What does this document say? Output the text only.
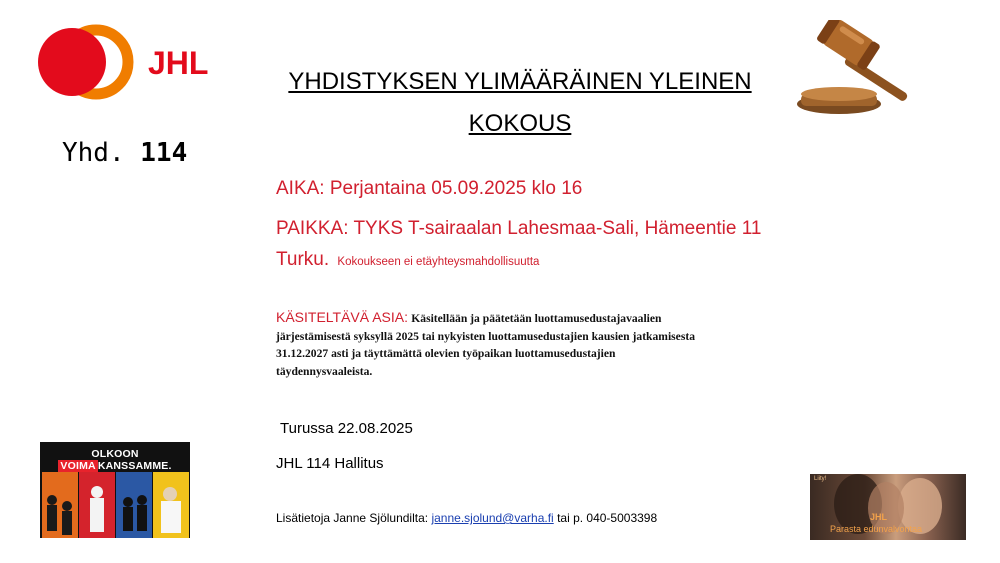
JHL
Yhd. 114
YHDISTYKSEN YLIMÄÄRÄINEN YLEINEN
KOKOUS
AIKA: Perjantaina 05.09.2025 klo 16
PAIKKA: TYKS T-sairaalan Lahesmaa-Sali, Hämeentie 11
Turku. Kokoukseen ei etäyhteysmahdollisuutta
KÄSITELTÄVÄ ASIA: Käsitellään ja päätetään luottamusedustajavaalien
järjestämisestä syksyllä 2025 tai nykyisten luottamusedustajien kausien jatkamisesta
31.12.2027 asti ja täyttämättä olevien työpaikan luottamusedustajien
täydennysvaaleista.
Turussa 22.08.2025
JHL 114 Hallitus
Lisätietoja Janne Sjölundilta: janne.sjolund@varha.fi tai p. 040-5003398
OLKOON VOIMA KANSSAMME.
Liity!
JHL
Parasta edunvalvontaa
